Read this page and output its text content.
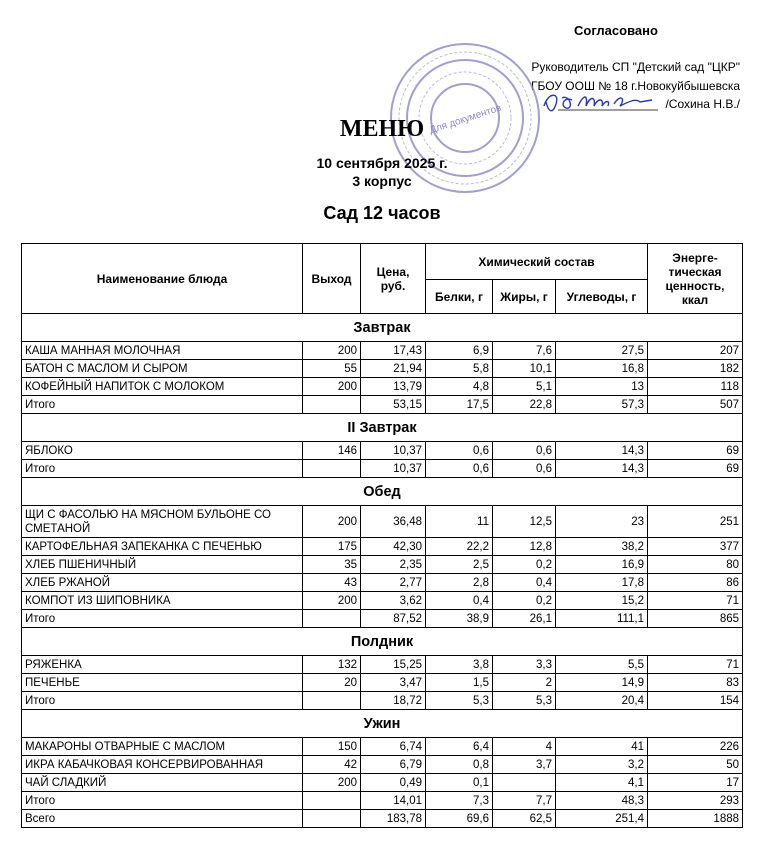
Согласовано
Руководитель СП "Детский сад "ЦКР"
ГБОУ ООШ № 18 г.Новокуйбышевска
/Сохина Н.В./
Для документов
МЕНЮ
10 сентября 2025 г.
3 корпус
Сад 12 часов
Наименование блюда	Выход	Цена, руб.	Химический состав			Энерге-тическая ценность, ккал
			Белки, г	Жиры, г	Углеводы, г	
Завтрак						
КАША МАННАЯ МОЛОЧНАЯ	200	17,43	6,9	7,6	27,5	207
БАТОН С МАСЛОМ И СЫРОМ	55	21,94	5,8	10,1	16,8	182
КОФЕЙНЫЙ НАПИТОК С МОЛОКОМ	200	13,79	4,8	5,1	13	118
Итого		53,15	17,5	22,8	57,3	507
II Завтрак						
ЯБЛОКО	146	10,37	0,6	0,6	14,3	69
Итого		10,37	0,6	0,6	14,3	69
Обед						
ЩИ С ФАСОЛЬЮ НА МЯСНОМ БУЛЬОНЕ СО СМЕТАНОЙ	200	36,48	11	12,5	23	251
КАРТОФЕЛЬНАЯ ЗАПЕКАНКА С ПЕЧЕНЬЮ	175	42,30	22,2	12,8	38,2	377
ХЛЕБ ПШЕНИЧНЫЙ	35	2,35	2,5	0,2	16,9	80
ХЛЕБ РЖАНОЙ	43	2,77	2,8	0,4	17,8	86
КОМПОТ ИЗ ШИПОВНИКА	200	3,62	0,4	0,2	15,2	71
Итого		87,52	38,9	26,1	111,1	865
Полдник						
РЯЖЕНКА	132	15,25	3,8	3,3	5,5	71
ПЕЧЕНЬЕ	20	3,47	1,5	2	14,9	83
Итого		18,72	5,3	5,3	20,4	154
Ужин						
МАКАРОНЫ ОТВАРНЫЕ С МАСЛОМ	150	6,74	6,4	4	41	226
ИКРА КАБАЧКОВАЯ КОНСЕРВИРОВАННАЯ	42	6,79	0,8	3,7	3,2	50
ЧАЙ СЛАДКИЙ	200	0,49	0,1		4,1	17
Итого		14,01	7,3	7,7	48,3	293
Всего		183,78	69,6	62,5	251,4	1888
